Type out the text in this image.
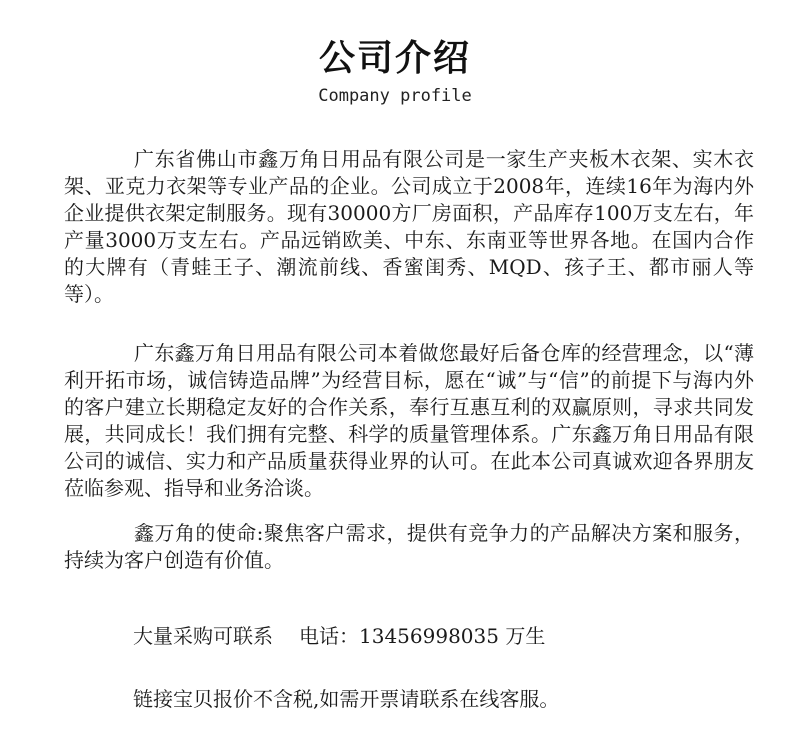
公司介绍
Company profile

广东省佛山市鑫万角日用品有限公司是一家生产夹板木衣架、实木衣架、亚克力衣架等专业产品的企业。公司成立于2008年，连续16年为海内外企业提供衣架定制服务。现有30000方厂房面积，产品库存100万支左右，年产量3000万支左右。产品远销欧美、中东、东南亚等世界各地。在国内合作的大牌有（青蛙王子、潮流前线、香蜜闺秀、MQD、孩子王、都市丽人等等）。

广东鑫万角日用品有限公司本着做您最好后备仓库的经营理念，以“薄利开拓市场，诚信铸造品牌”为经营目标，愿在“诚”与“信”的前提下与海内外的客户建立长期稳定友好的合作关系，奉行互惠互利的双赢原则，寻求共同发展，共同成长！我们拥有完整、科学的质量管理体系。广东鑫万角日用品有限公司的诚信、实力和产品质量获得业界的认可。在此本公司真诚欢迎各界朋友莅临参观、指导和业务洽谈。

鑫万角的使命:聚焦客户需求，提供有竞争力的产品解决方案和服务，持续为客户创造有价值。

大量采购可联系 电话：13456998035 万生
链接宝贝报价不含税,如需开票请联系在线客服。
